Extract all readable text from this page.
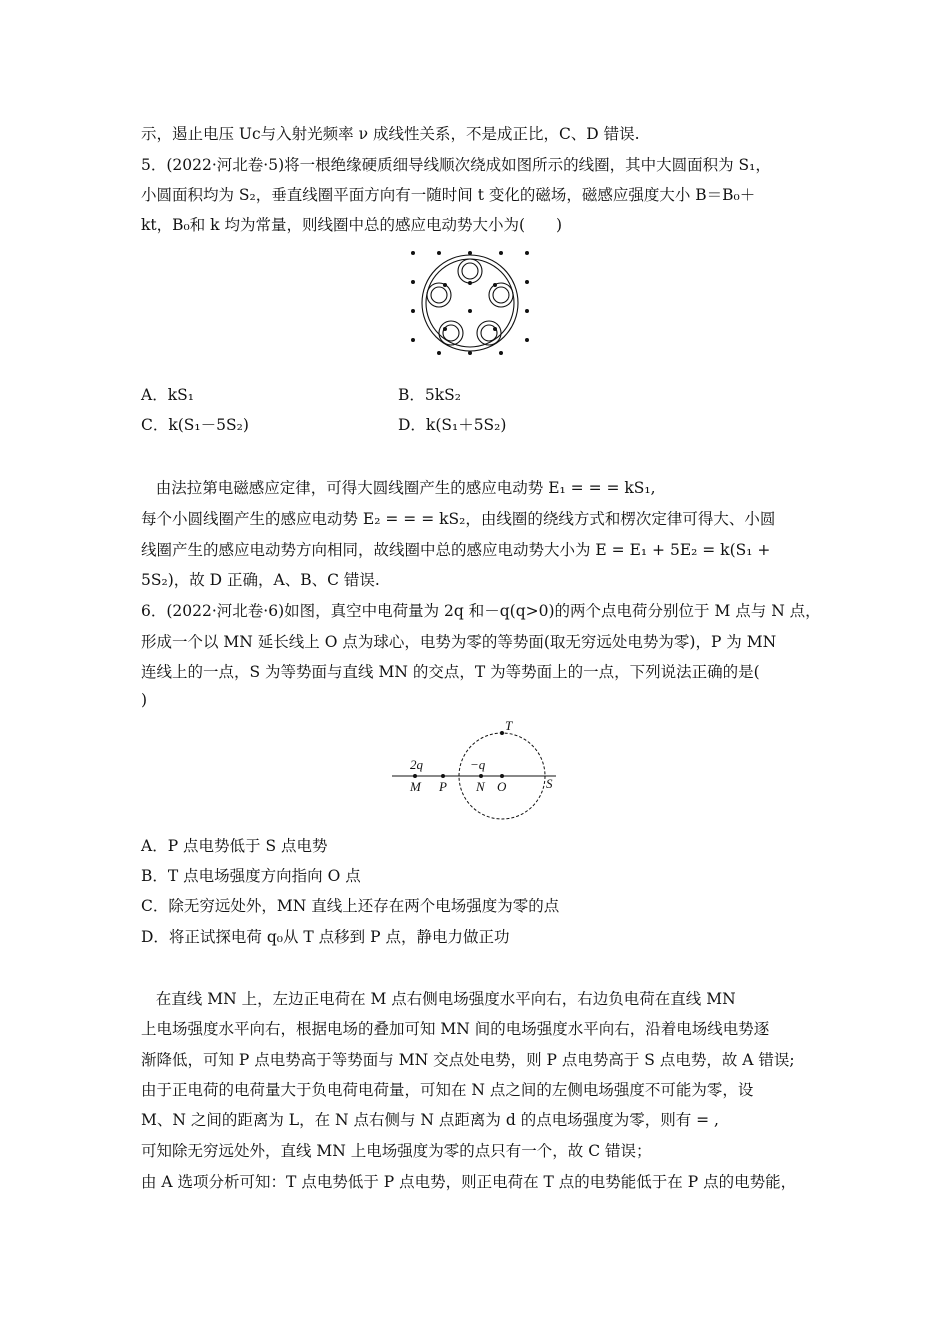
示，遏止电压 Uc与入射光频率 ν 成线性关系，不是成正比，C、D 错误.
5．(2022·河北卷·5)将一根绝缘硬质细导线顺次绕成如图所示的线圈，其中大圆面积为 S₁，
小圆面积均为 S₂，垂直线圈平面方向有一随时间 t 变化的磁场，磁感应强度大小 B＝B₀＋
kt，B₀和 k 均为常量，则线圈中总的感应电动势大小为(　　)
A．kS₁	B．5kS₂
C．k(S₁－5S₂)	D．k(S₁＋5S₂)

由法拉第电磁感应定律，可得大圆线圈产生的感应电动势 E₁ = = = kS₁,
每个小圆线圈产生的感应电动势 E₂ = = = kS₂，由线圈的绕线方式和楞次定律可得大、小圆
线圈产生的感应电动势方向相同，故线圈中总的感应电动势大小为 E = E₁ + 5E₂ = k(S₁ +
5S₂)，故 D 正确，A、B、C 错误.
6．(2022·河北卷·6)如图，真空中电荷量为 2q 和－q(q>0)的两个点电荷分别位于 M 点与 N 点，
形成一个以 MN 延长线上 O 点为球心，电势为零的等势面(取无穷远处电势为零)，P 为 MN
连线上的一点，S 为等势面与直线 MN 的交点，T 为等势面上的一点，下列说法正确的是(
)
T
2q	−q
M P N O	S
A．P 点电势低于 S 点电势
B．T 点电场强度方向指向 O 点
C．除无穷远处外，MN 直线上还存在两个电场强度为零的点
D．将正试探电荷 q₀从 T 点移到 P 点，静电力做正功

在直线 MN 上，左边正电荷在 M 点右侧电场强度水平向右，右边负电荷在直线 MN
上电场强度水平向右，根据电场的叠加可知 MN 间的电场强度水平向右，沿着电场线电势逐
渐降低，可知 P 点电势高于等势面与 MN 交点处电势，则 P 点电势高于 S 点电势，故 A 错误;
由于正电荷的电荷量大于负电荷电荷量，可知在 N 点之间的左侧电场强度不可能为零，设
M、N 之间的距离为 L，在 N 点右侧与 N 点距离为 d 的点电场强度为零，则有 = ,
可知除无穷远处外，直线 MN 上电场强度为零的点只有一个，故 C 错误；
由 A 选项分析可知：T 点电势低于 P 点电势，则正电荷在 T 点的电势能低于在 P 点的电势能，
